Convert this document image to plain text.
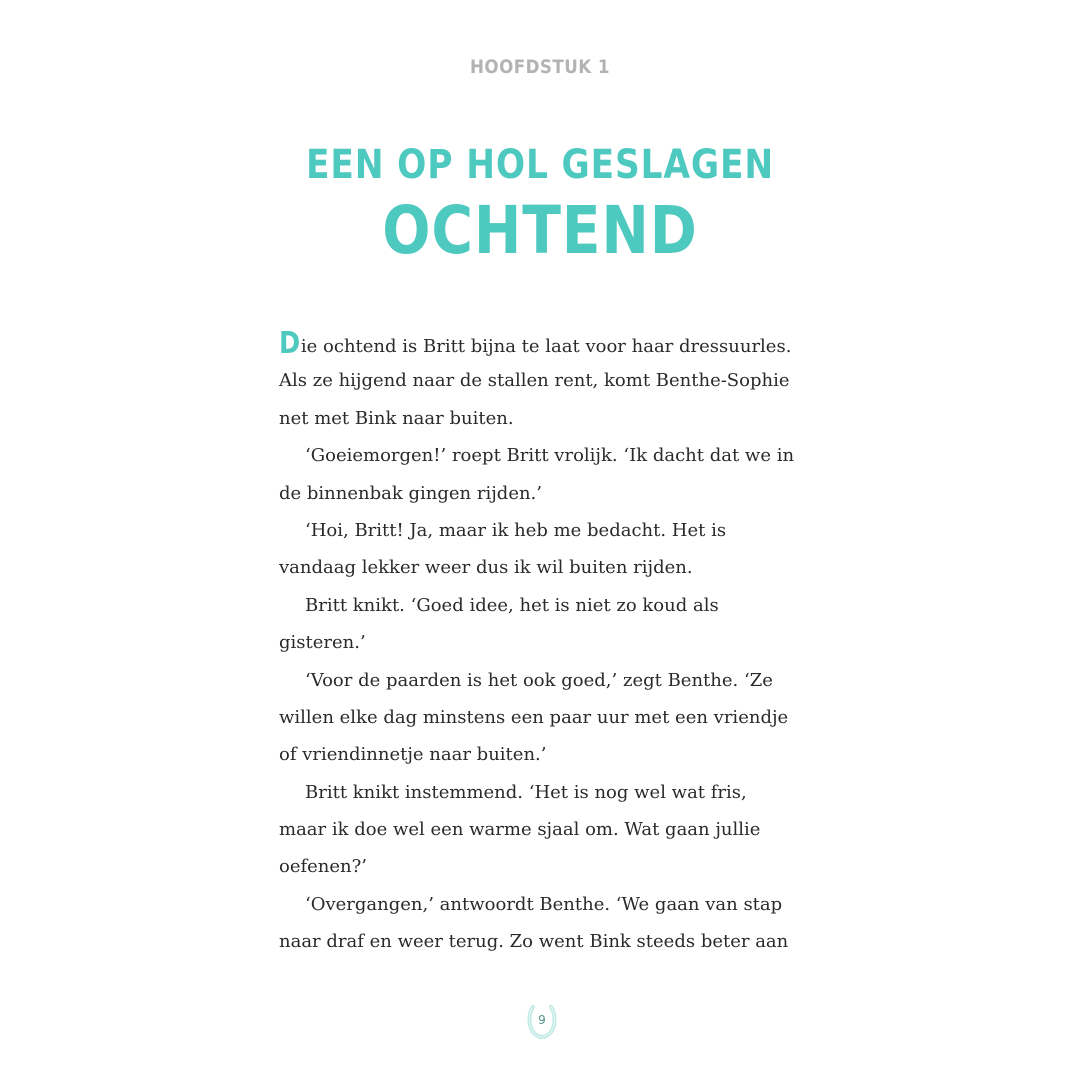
HOOFDSTUK 1
EEN OP HOL GESLAGEN
OCHTEND
Die ochtend is Britt bijna te laat voor haar dressuurles.
Als ze hijgend naar de stallen rent, komt Benthe-Sophie
net met Bink naar buiten.
‘Goeiemorgen!’ roept Britt vrolijk. ‘Ik dacht dat we in
de binnenbak gingen rijden.’
‘Hoi, Britt! Ja, maar ik heb me bedacht. Het is
vandaag lekker weer dus ik wil buiten rijden.
Britt knikt. ‘Goed idee, het is niet zo koud als
gisteren.’
‘Voor de paarden is het ook goed,’ zegt Benthe. ‘Ze
willen elke dag minstens een paar uur met een vriendje
of vriendinnetje naar buiten.’
Britt knikt instemmend. ‘Het is nog wel wat fris,
maar ik doe wel een warme sjaal om. Wat gaan jullie
oefenen?’
‘Overgangen,’ antwoordt Benthe. ‘We gaan van stap
naar draf en weer terug. Zo went Bink steeds beter aan
9
